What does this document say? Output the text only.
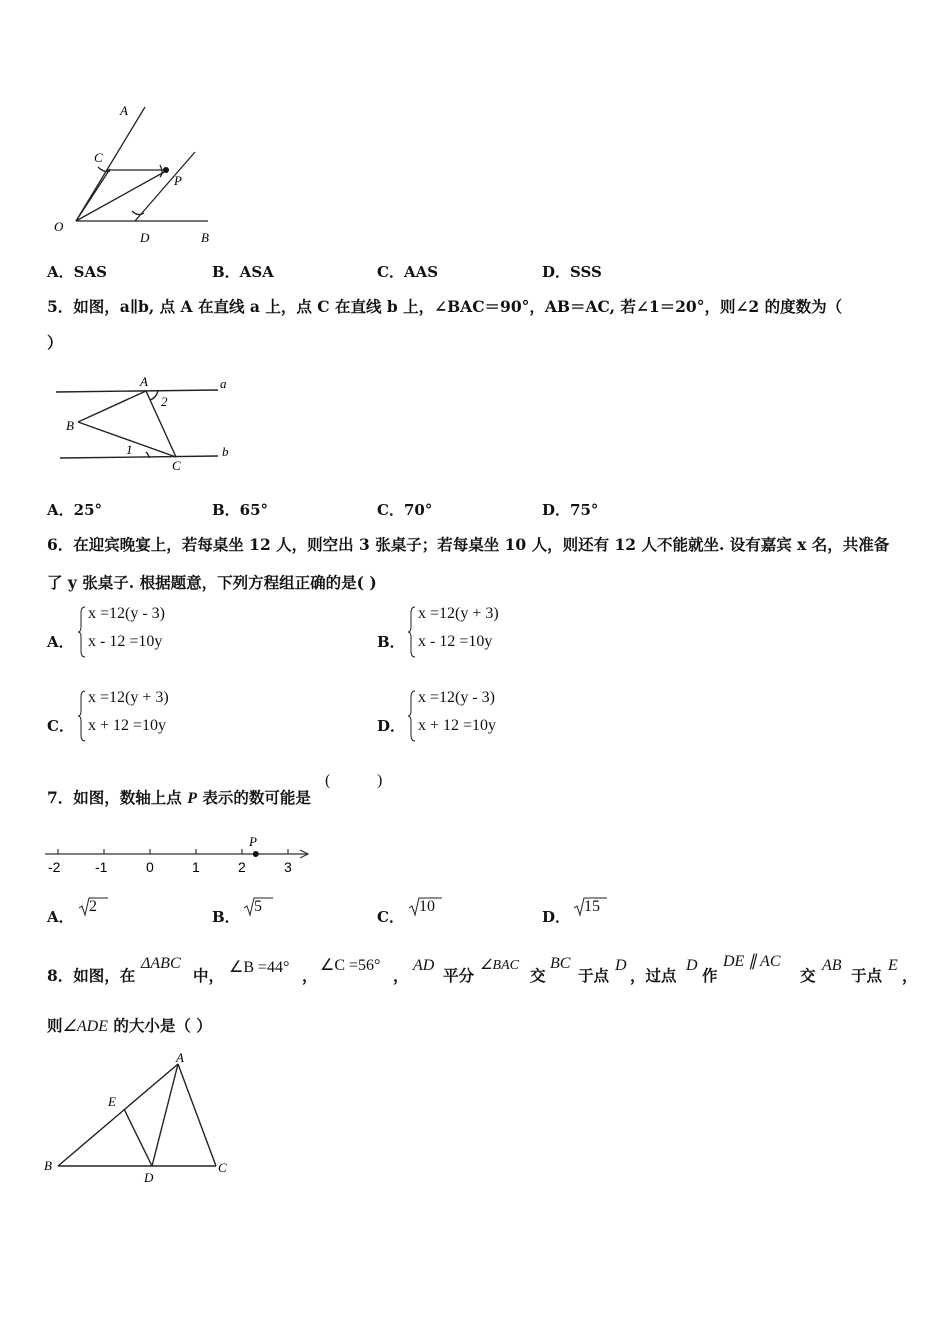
A
C
P
O
D	B
A．SAS	B．ASA	C．AAS	D．SSS
5．如图，a∥b, 点 A 在直线 a 上，点 C 在直线 b 上，∠BAC＝90°，AB＝AC, 若∠1＝20°，则∠2 的度数为（
）
A	a
2
B
1
C
b
A．25°	B．65°	C．70°	D．75°
6．在迎宾晚宴上，若每桌坐 12 人，则空出 3 张桌子；若每桌坐 10 人，则还有 12 人不能就坐. 设有嘉宾 x 名，共准备
了 y 张桌子. 根据题意，下列方程组正确的是( )
A．
x =12(y - 3)
x - 12 =10y	B．
x =12(y + 3)
x - 12 =10y
C．
x =12(y + 3)
x + 12 =10y	D．
x =12(y - 3)
x + 12 =10y
7．如图，数轴上点 P 表示的数可能是
(	)
P
-2 -1	0	1	2	3
A．
2
B．
5
C．
10
D．
15
8．如图，在
ΔABC
中， ∠B =44° ，
∠C =56°
，
AD
平分
∠BAC
交
BC
于点
D
，过点
D
作
DE ∥ AC
交
AB
于点
E
，
则∠ADE 的大小是（ ）
A
E
B
D
C
